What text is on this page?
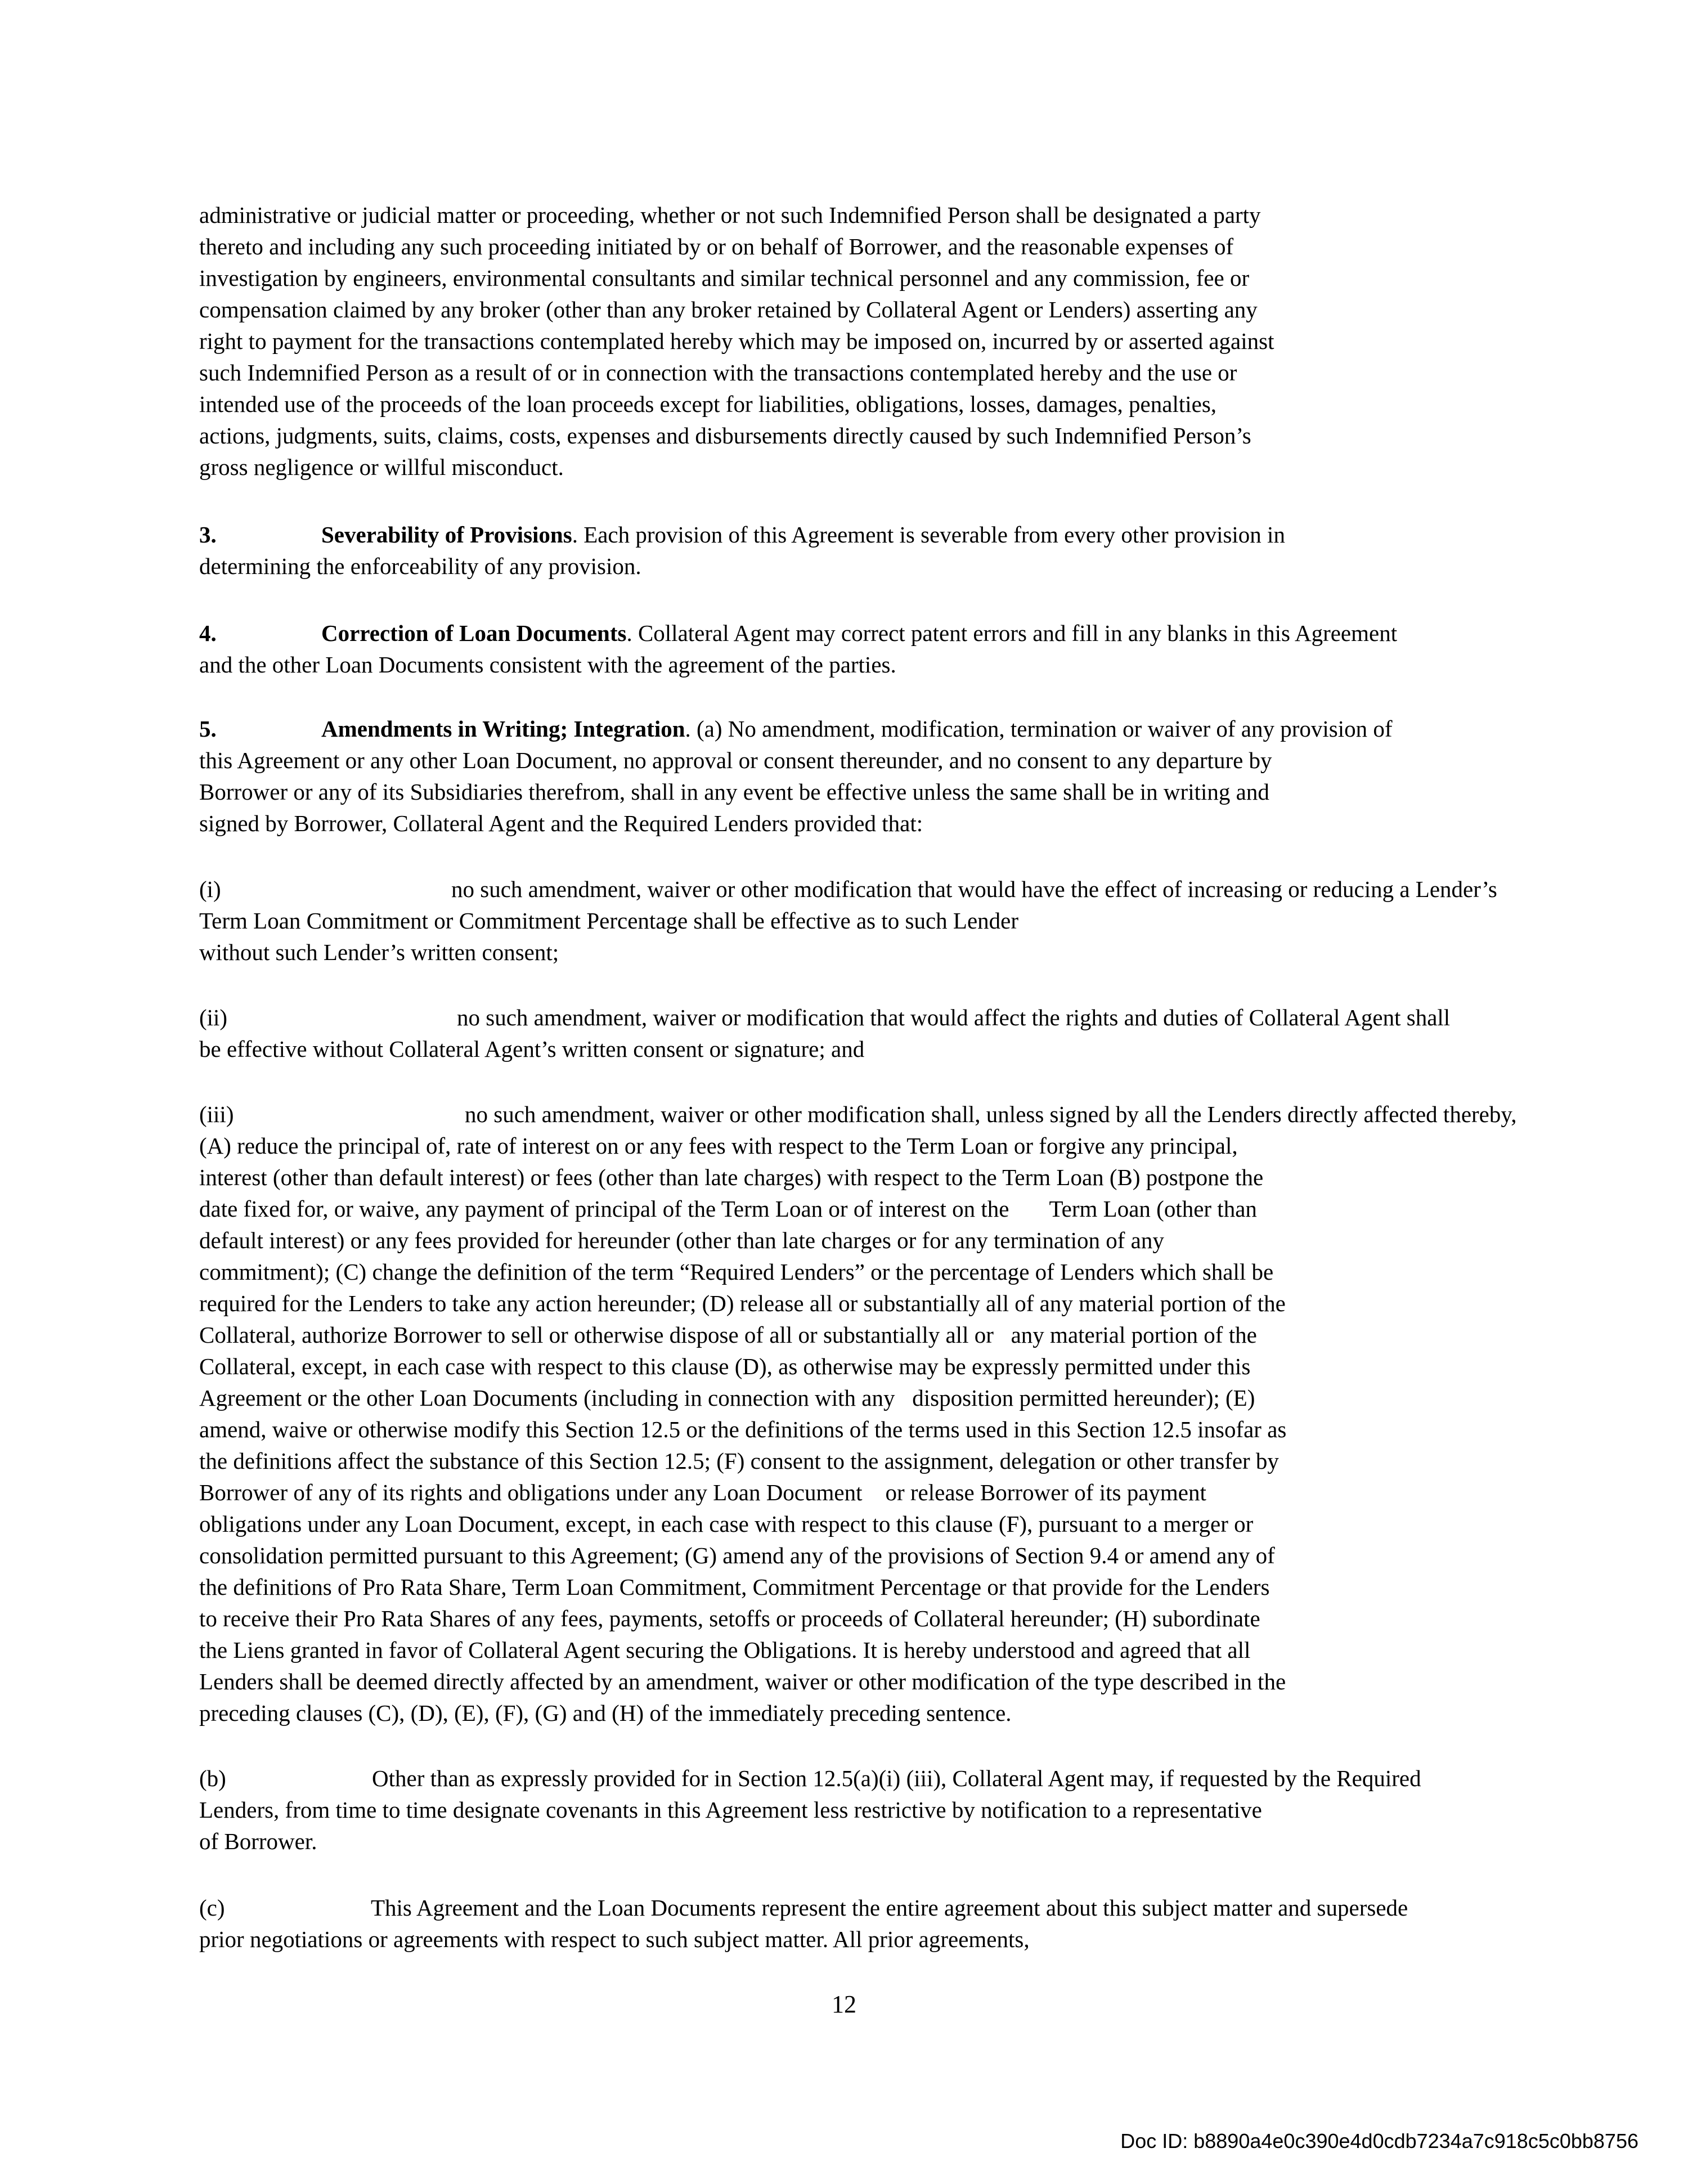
administrative or judicial matter or proceeding, whether or not such Indemnified Person shall be designated a party
thereto and including any such proceeding initiated by or on behalf of Borrower, and the reasonable expenses of
investigation by engineers, environmental consultants and similar technical personnel and any commission, fee or
compensation claimed by any broker (other than any broker retained by Collateral Agent or Lenders) asserting any
right to payment for the transactions contemplated hereby which may be imposed on, incurred by or asserted against
such Indemnified Person as a result of or in connection with the transactions contemplated hereby and the use or
intended use of the proceeds of the loan proceeds except for liabilities, obligations, losses, damages, penalties,
actions, judgments, suits, claims, costs, expenses and disbursements directly caused by such Indemnified Person’s
gross negligence or willful misconduct.
3.	Severability of Provisions. Each provision of this Agreement is severable from every other provision in
determining the enforceability of any provision.
4.	Correction of Loan Documents. Collateral Agent may correct patent errors and fill in any blanks in this Agreement
and the other Loan Documents consistent with the agreement of the parties.
5.	Amendments in Writing; Integration. (a) No amendment, modification, termination or waiver of any provision of
this Agreement or any other Loan Document, no approval or consent thereunder, and no consent to any departure by
Borrower or any of its Subsidiaries therefrom, shall in any event be effective unless the same shall be in writing and
signed by Borrower, Collateral Agent and the Required Lenders provided that:
(i)	no such amendment, waiver or other modification that would have the effect of increasing or reducing a Lender’s
Term Loan Commitment or Commitment Percentage shall be effective as to such Lender
without such Lender’s written consent;
(ii)	no such amendment, waiver or modification that would affect the rights and duties of Collateral Agent shall
be effective without Collateral Agent’s written consent or signature; and
(iii)	no such amendment, waiver or other modification shall, unless signed by all the Lenders directly affected thereby,
(A) reduce the principal of, rate of interest on or any fees with respect to the Term Loan or forgive any principal,
interest (other than default interest) or fees (other than late charges) with respect to the Term Loan (B) postpone the
date fixed for, or waive, any payment of principal of the Term Loan or of interest on the       Term Loan (other than
default interest) or any fees provided for hereunder (other than late charges or for any termination of any
commitment); (C) change the definition of the term “Required Lenders” or the percentage of Lenders which shall be
required for the Lenders to take any action hereunder; (D) release all or substantially all of any material portion of the
Collateral, authorize Borrower to sell or otherwise dispose of all or substantially all or   any material portion of the
Collateral, except, in each case with respect to this clause (D), as otherwise may be expressly permitted under this
Agreement or the other Loan Documents (including in connection with any   disposition permitted hereunder); (E)
amend, waive or otherwise modify this Section 12.5 or the definitions of the terms used in this Section 12.5 insofar as
the definitions affect the substance of this Section 12.5; (F) consent to the assignment, delegation or other transfer by
Borrower of any of its rights and obligations under any Loan Document    or release Borrower of its payment
obligations under any Loan Document, except, in each case with respect to this clause (F), pursuant to a merger or
consolidation permitted pursuant to this Agreement; (G) amend any of the provisions of Section 9.4 or amend any of
the definitions of Pro Rata Share, Term Loan Commitment, Commitment Percentage or that provide for the Lenders
to receive their Pro Rata Shares of any fees, payments, setoffs or proceeds of Collateral hereunder; (H) subordinate
the Liens granted in favor of Collateral Agent securing the Obligations. It is hereby understood and agreed that all
Lenders shall be deemed directly affected by an amendment, waiver or other modification of the type described in the
preceding clauses (C), (D), (E), (F), (G) and (H) of the immediately preceding sentence.
(b)	Other than as expressly provided for in Section 12.5(a)(i) (iii), Collateral Agent may, if requested by the Required
Lenders, from time to time designate covenants in this Agreement less restrictive by notification to a representative
of Borrower.
(c)	This Agreement and the Loan Documents represent the entire agreement about this subject matter and supersede
prior negotiations or agreements with respect to such subject matter. All prior agreements,
12
Doc ID: b8890a4e0c390e4d0cdb7234a7c918c5c0bb8756
